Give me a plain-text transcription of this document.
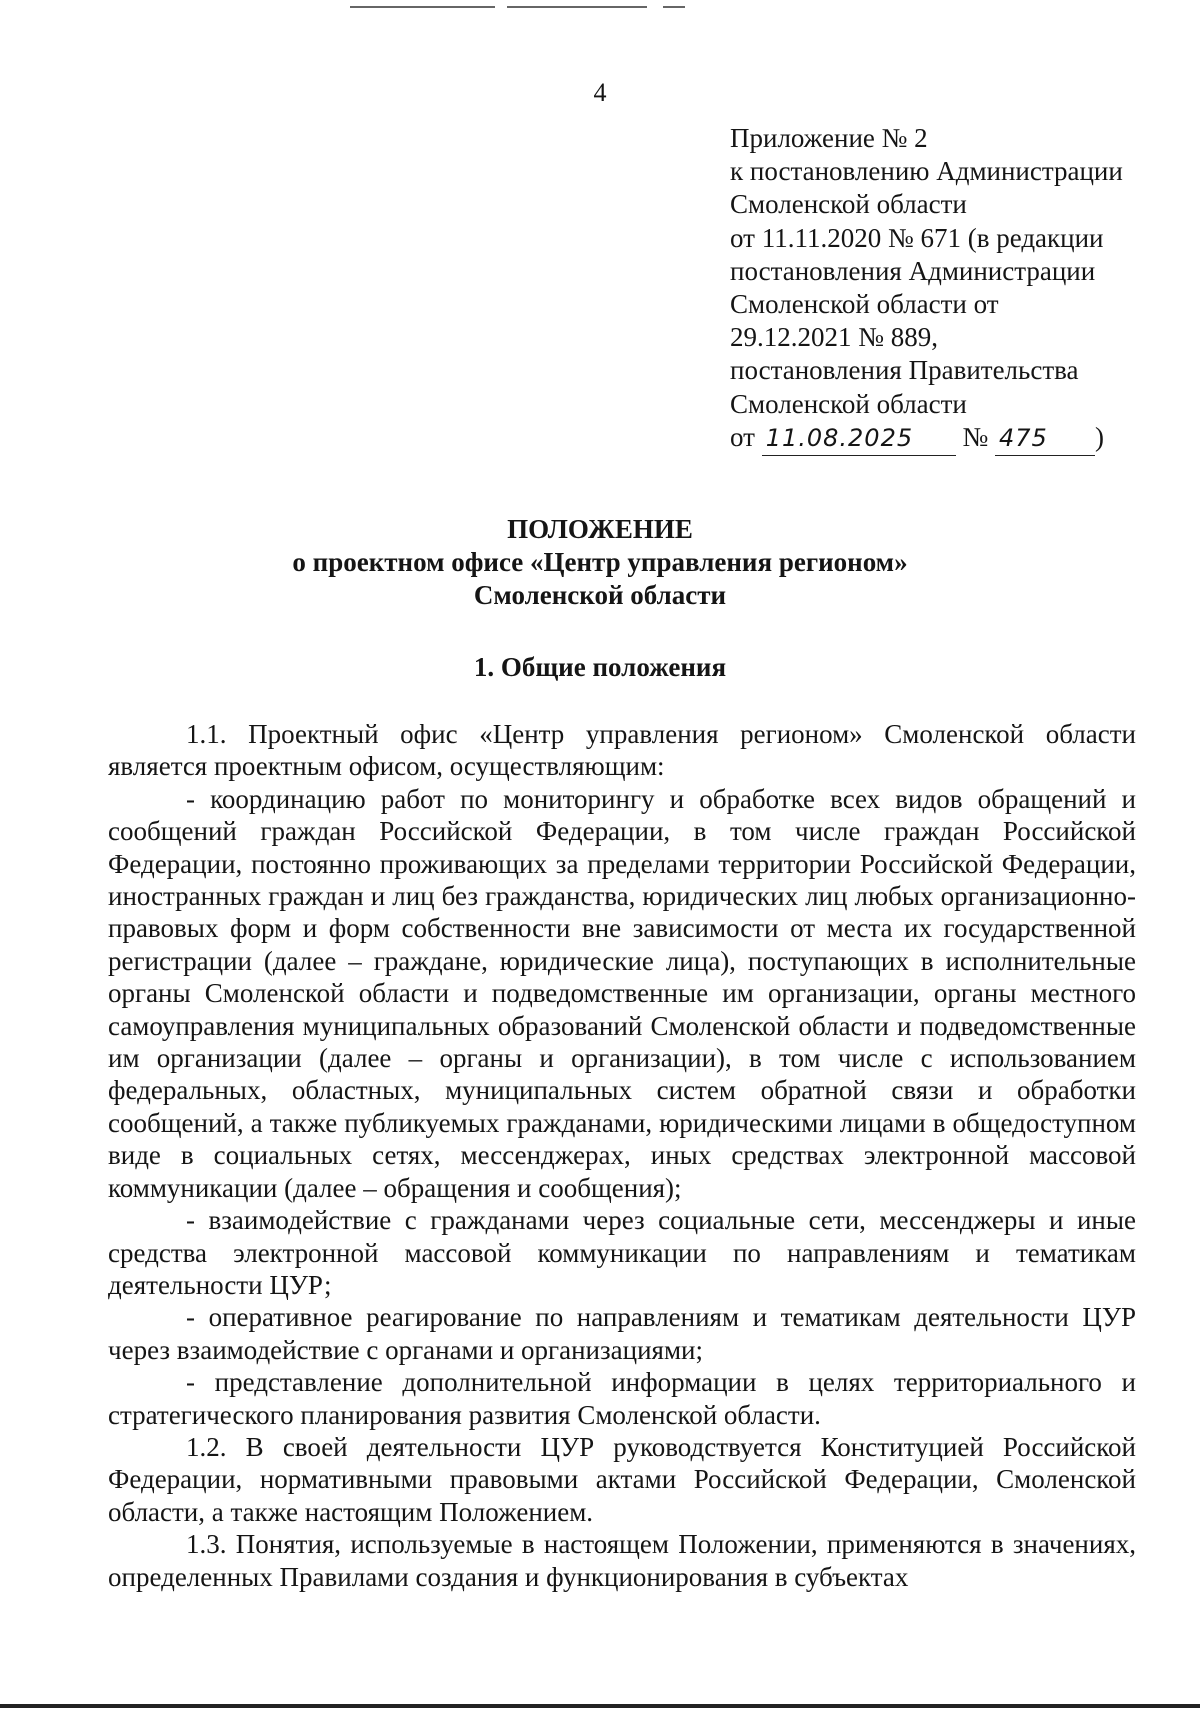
4
Приложение № 2
к постановлению Администрации
Смоленской области
от 11.11.2020 № 671 (в редакции
постановления Администрации
Смоленской области от
29.12.2021 № 889,
постановления Правительства
Смоленской области
от 11.08.2025 № 475 )
ПОЛОЖЕНИЕ
о проектном офисе «Центр управления регионом»
Смоленской области
1. Общие положения

1.1. Проектный офис «Центр управления регионом» Смоленской области является проектным офисом, осуществляющим:

- координацию работ по мониторингу и обработке всех видов обращений и сообщений граждан Российской Федерации, в том числе граждан Российской Федерации, постоянно проживающих за пределами территории Российской Федерации, иностранных граждан и лиц без гражданства, юридических лиц любых организационно-правовых форм и форм собственности вне зависимости от места их государственной регистрации (далее – граждане, юридические лица), поступающих в исполнительные органы Смоленской области и подведомственные им организации, органы местного самоуправления муниципальных образований Смоленской области и подведомственные им организации (далее – органы и организации), в том числе с использованием федеральных, областных, муниципальных систем обратной связи и обработки сообщений, а также публикуемых гражданами, юридическими лицами в общедоступном виде в социальных сетях, мессенджерах, иных средствах электронной массовой коммуникации (далее – обращения и сообщения);

- взаимодействие с гражданами через социальные сети, мессенджеры и иные средства электронной массовой коммуникации по направлениям и тематикам деятельности ЦУР;

- оперативное реагирование по направлениям и тематикам деятельности ЦУР через взаимодействие с органами и организациями;

- представление дополнительной информации в целях территориального и стратегического планирования развития Смоленской области.

1.2. В своей деятельности ЦУР руководствуется Конституцией Российской Федерации, нормативными правовыми актами Российской Федерации, Смоленской области, а также настоящим Положением.

1.3. Понятия, используемые в настоящем Положении, применяются в значениях, определенных Правилами создания и функционирования в субъектах
